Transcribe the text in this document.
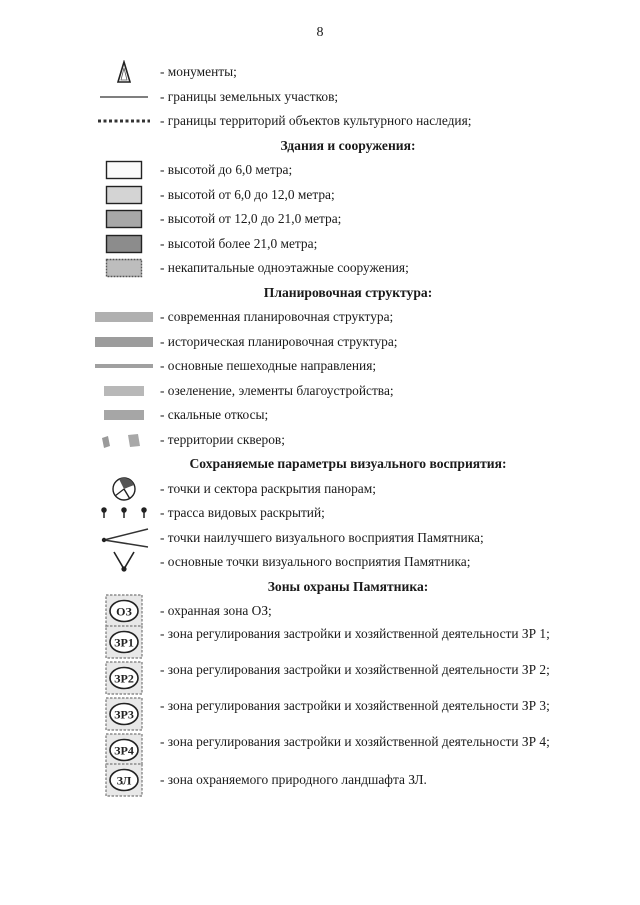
8
- монументы;
- границы земельных участков;
- границы территорий объектов культурного наследия;
Здания и сооружения:
- высотой до 6,0 метра;
- высотой от 6,0 до 12,0 метра;
- высотой от 12,0 до 21,0 метра;
- высотой более 21,0 метра;
- некапитальные одноэтажные сооружения;
Планировочная структура:
- современная планировочная структура;
- историческая планировочная структура;
- основные пешеходные направления;
- озеленение, элементы благоустройства;
- скальные откосы;
- территории скверов;
Сохраняемые параметры визуального восприятия:
- точки и сектора раскрытия панорам;
- трасса видовых раскрытий;
- точки наилучшего визуального восприятия Памятника;
- основные точки визуального восприятия Памятника;
Зоны охраны Памятника:
ОЗ - охранная зона ОЗ;
ЗР1
- зона регулирования застройки и хозяйственной деятельности ЗР 1;
ЗР2
- зона регулирования застройки и хозяйственной деятельности ЗР 2;
ЗР3
- зона регулирования застройки и хозяйственной деятельности ЗР 3;
ЗР4
- зона регулирования застройки и хозяйственной деятельности ЗР 4;
ЗЛ - зона охраняемого природного ландшафта ЗЛ.
